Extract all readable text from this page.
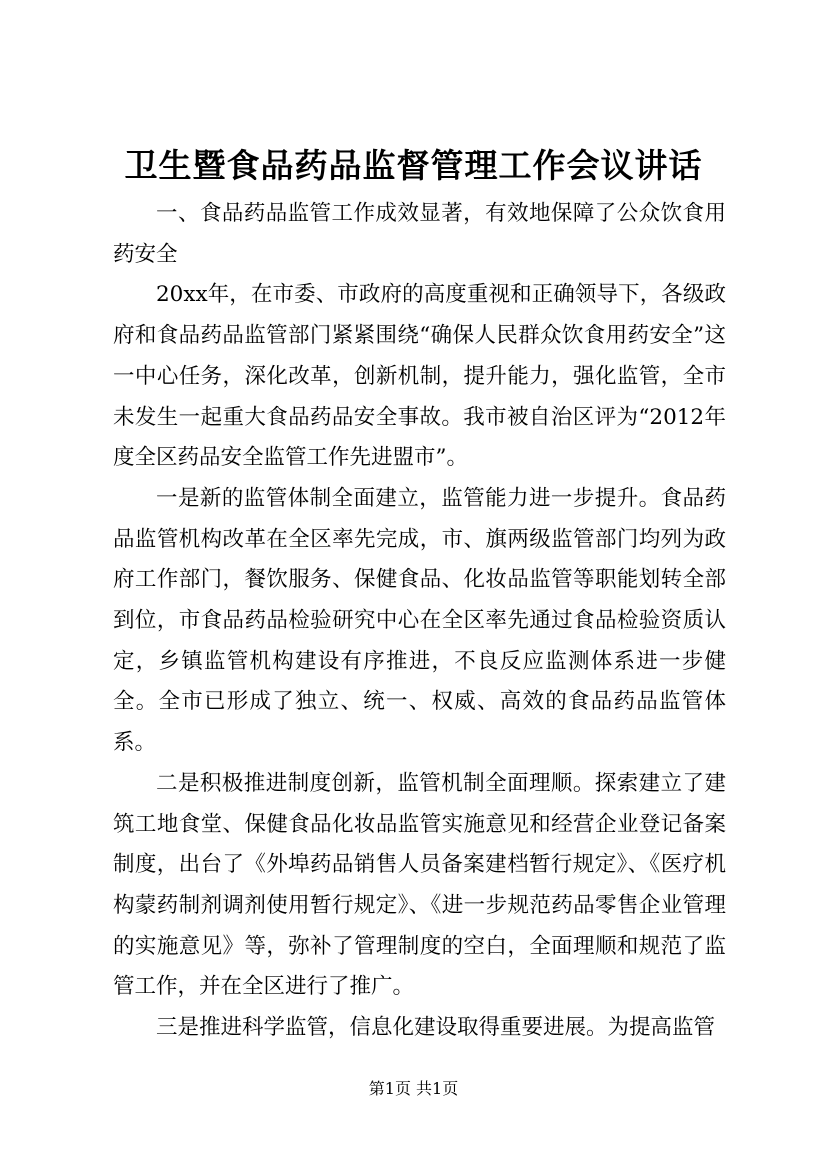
卫生暨食品药品监督管理工作会议讲话

一、食品药品监管工作成效显著，有效地保障了公众饮食用药安全

20xx年，在市委、市政府的高度重视和正确领导下，各级政府和食品药品监管部门紧紧围绕“确保人民群众饮食用药安全”这一中心任务，深化改革，创新机制，提升能力，强化监管，全市未发生一起重大食品药品安全事故。我市被自治区评为“2012年度全区药品安全监管工作先进盟市”。

一是新的监管体制全面建立，监管能力进一步提升。食品药品监管机构改革在全区率先完成，市、旗两级监管部门均列为政府工作部门，餐饮服务、保健食品、化妆品监管等职能划转全部到位，市食品药品检验研究中心在全区率先通过食品检验资质认定，乡镇监管机构建设有序推进，不良反应监测体系进一步健全。全市已形成了独立、统一、权威、高效的食品药品监管体系。

二是积极推进制度创新，监管机制全面理顺。探索建立了建筑工地食堂、保健食品化妆品监管实施意见和经营企业登记备案制度，出台了《外埠药品销售人员备案建档暂行规定》、《医疗机构蒙药制剂调剂使用暂行规定》、《进一步规范药品零售企业管理的实施意见》等，弥补了管理制度的空白，全面理顺和规范了监管工作，并在全区进行了推广。

三是推进科学监管，信息化建设取得重要进展。为提高监管

第1页 共1页
